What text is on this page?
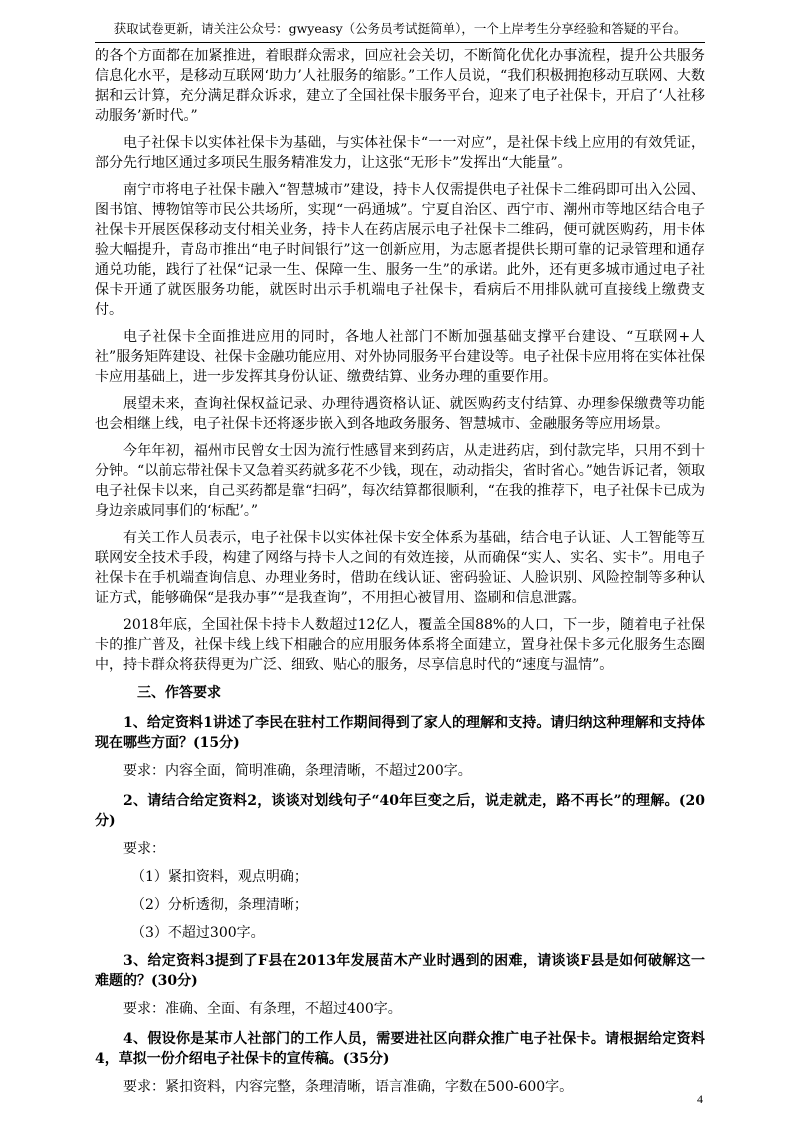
获取试卷更新，请关注公众号：gwyeasy（公务员考试挺简单），一个上岸考生分享经验和答疑的平台。

的各个方面都在加紧推进，着眼群众需求，回应社会关切，不断简化优化办事流程，提升公共服务信息化水平，是移动互联网‘助力’人社服务的缩影。”工作人员说，“我们积极拥抱移动互联网、大数据和云计算，充分满足群众诉求，建立了全国社保卡服务平台，迎来了电子社保卡，开启了‘人社移动服务’新时代。”

电子社保卡以实体社保卡为基础，与实体社保卡“一一对应”，是社保卡线上应用的有效凭证，部分先行地区通过多项民生服务精准发力，让这张“无形卡”发挥出“大能量”。

南宁市将电子社保卡融入“智慧城市”建设，持卡人仅需提供电子社保卡二维码即可出入公园、图书馆、博物馆等市民公共场所，实现“一码通城”。宁夏自治区、西宁市、潮州市等地区结合电子社保卡开展医保移动支付相关业务，持卡人在药店展示电子社保卡二维码，便可就医购药，用卡体验大幅提升，青岛市推出“电子时间银行”这一创新应用，为志愿者提供长期可靠的记录管理和通存通兑功能，践行了社保“记录一生、保障一生、服务一生”的承诺。此外，还有更多城市通过电子社保卡开通了就医服务功能，就医时出示手机端电子社保卡，看病后不用排队就可直接线上缴费支付。

电子社保卡全面推进应用的同时，各地人社部门不断加强基础支撑平台建设、“互联网+人社”服务矩阵建设、社保卡金融功能应用、对外协同服务平台建设等。电子社保卡应用将在实体社保卡应用基础上，进一步发挥其身份认证、缴费结算、业务办理的重要作用。

展望未来，查询社保权益记录、办理待遇资格认证、就医购药支付结算、办理参保缴费等功能也会相继上线，电子社保卡还将逐步嵌入到各地政务服务、智慧城市、金融服务等应用场景。

今年年初，福州市民曾女士因为流行性感冒来到药店，从走进药店，到付款完毕，只用不到十分钟。“以前忘带社保卡又急着买药就多花不少钱，现在，动动指尖，省时省心。”她告诉记者，领取电子社保卡以来，自己买药都是靠“扫码”，每次结算都很顺利，“在我的推荐下，电子社保卡已成为身边亲戚同事们的‘标配’。”

有关工作人员表示，电子社保卡以实体社保卡安全体系为基础，结合电子认证、人工智能等互联网安全技术手段，构建了网络与持卡人之间的有效连接，从而确保“实人、实名、实卡”。用电子社保卡在手机端查询信息、办理业务时，借助在线认证、密码验证、人脸识别、风险控制等多种认证方式，能够确保“是我办事”“是我查询”，不用担心被冒用、盗刷和信息泄露。

2018年底，全国社保卡持卡人数超过12亿人，覆盖全国88%的人口，下一步，随着电子社保卡的推广普及，社保卡线上线下相融合的应用服务体系将全面建立，置身社保卡多元化服务生态圈中，持卡群众将获得更为广泛、细致、贴心的服务，尽享信息时代的“速度与温情”。

三、作答要求

1、给定资料1讲述了李民在驻村工作期间得到了家人的理解和支持。请归纳这种理解和支持体现在哪些方面？(15分)

要求：内容全面，简明准确，条理清晰，不超过200字。

2、请结合给定资料2，谈谈对划线句子“40年巨变之后，说走就走，路不再长”的理解。(20分)

要求：

（1）紧扣资料，观点明确；

（2）分析透彻，条理清晰；

（3）不超过300字。

3、给定资料3提到了F县在2013年发展苗木产业时遇到的困难，请谈谈F县是如何破解这一难题的？(30分)

要求：准确、全面、有条理，不超过400字。

4、假设你是某市人社部门的工作人员，需要进社区向群众推广电子社保卡。请根据给定资料4，草拟一份介绍电子社保卡的宣传稿。(35分)

要求：紧扣资料，内容完整，条理清晰，语言准确，字数在500-600字。

4
